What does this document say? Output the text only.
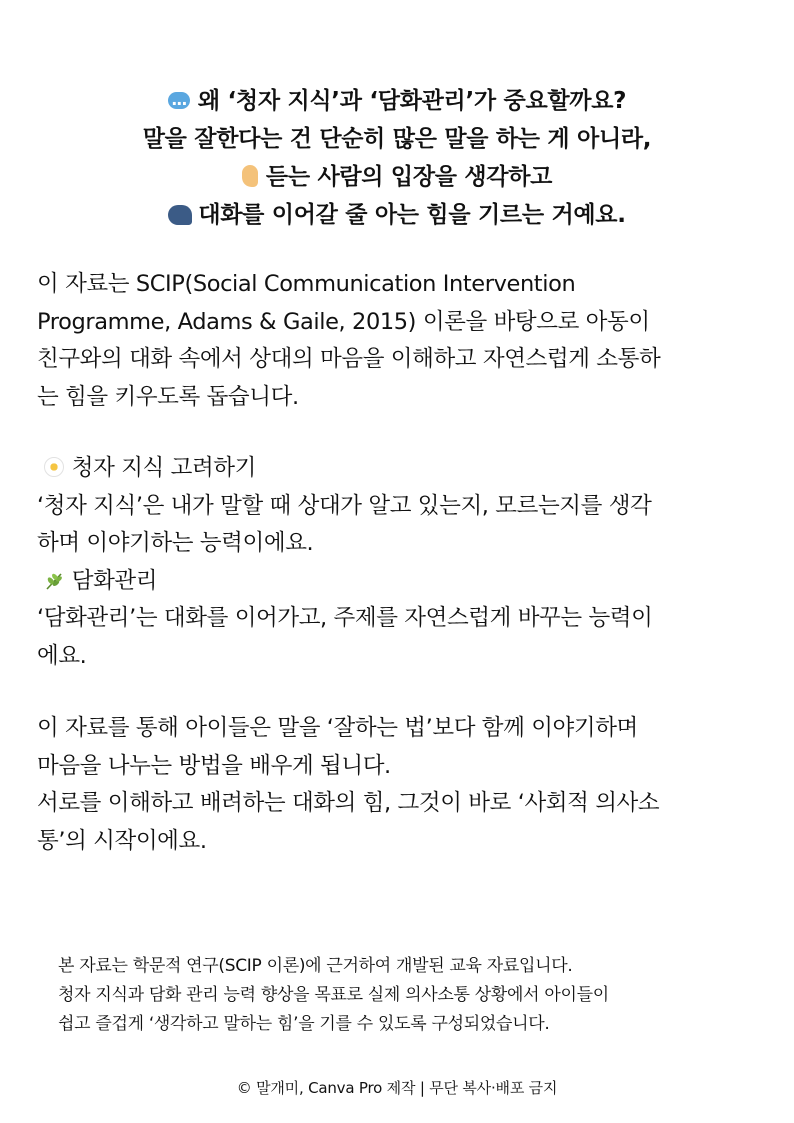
···왜 ‘청자 지식’과 ‘담화관리’가 중요할까요?
말을 잘한다는 건 단순히 많은 말을 하는 게 아니라,
듣는 사람의 입장을 생각하고
대화를 이어갈 줄 아는 힘을 기르는 거예요.
이 자료는 SCIP(Social Communication Intervention
Programme, Adams & Gaile, 2015) 이론을 바탕으로 아동이
친구와의 대화 속에서 상대의 마음을 이해하고 자연스럽게 소통하
는 힘을 키우도록 돕습니다.
청자 지식 고려하기
‘청자 지식’은 내가 말할 때 상대가 알고 있는지, 모르는지를 생각
하며 이야기하는 능력이에요.
담화관리
‘담화관리’는 대화를 이어가고, 주제를 자연스럽게 바꾸는 능력이
에요.
이 자료를 통해 아이들은 말을 ‘잘하는 법’보다 함께 이야기하며
마음을 나누는 방법을 배우게 됩니다.
서로를 이해하고 배려하는 대화의 힘, 그것이 바로 ‘사회적 의사소
통’의 시작이에요.
본 자료는 학문적 연구(SCIP 이론)에 근거하여 개발된 교육 자료입니다.
청자 지식과 담화 관리 능력 향상을 목표로 실제 의사소통 상황에서 아이들이
쉽고 즐겁게 ‘생각하고 말하는 힘’을 기를 수 있도록 구성되었습니다.
© 말개미, Canva Pro 제작 | 무단 복사·배포 금지
